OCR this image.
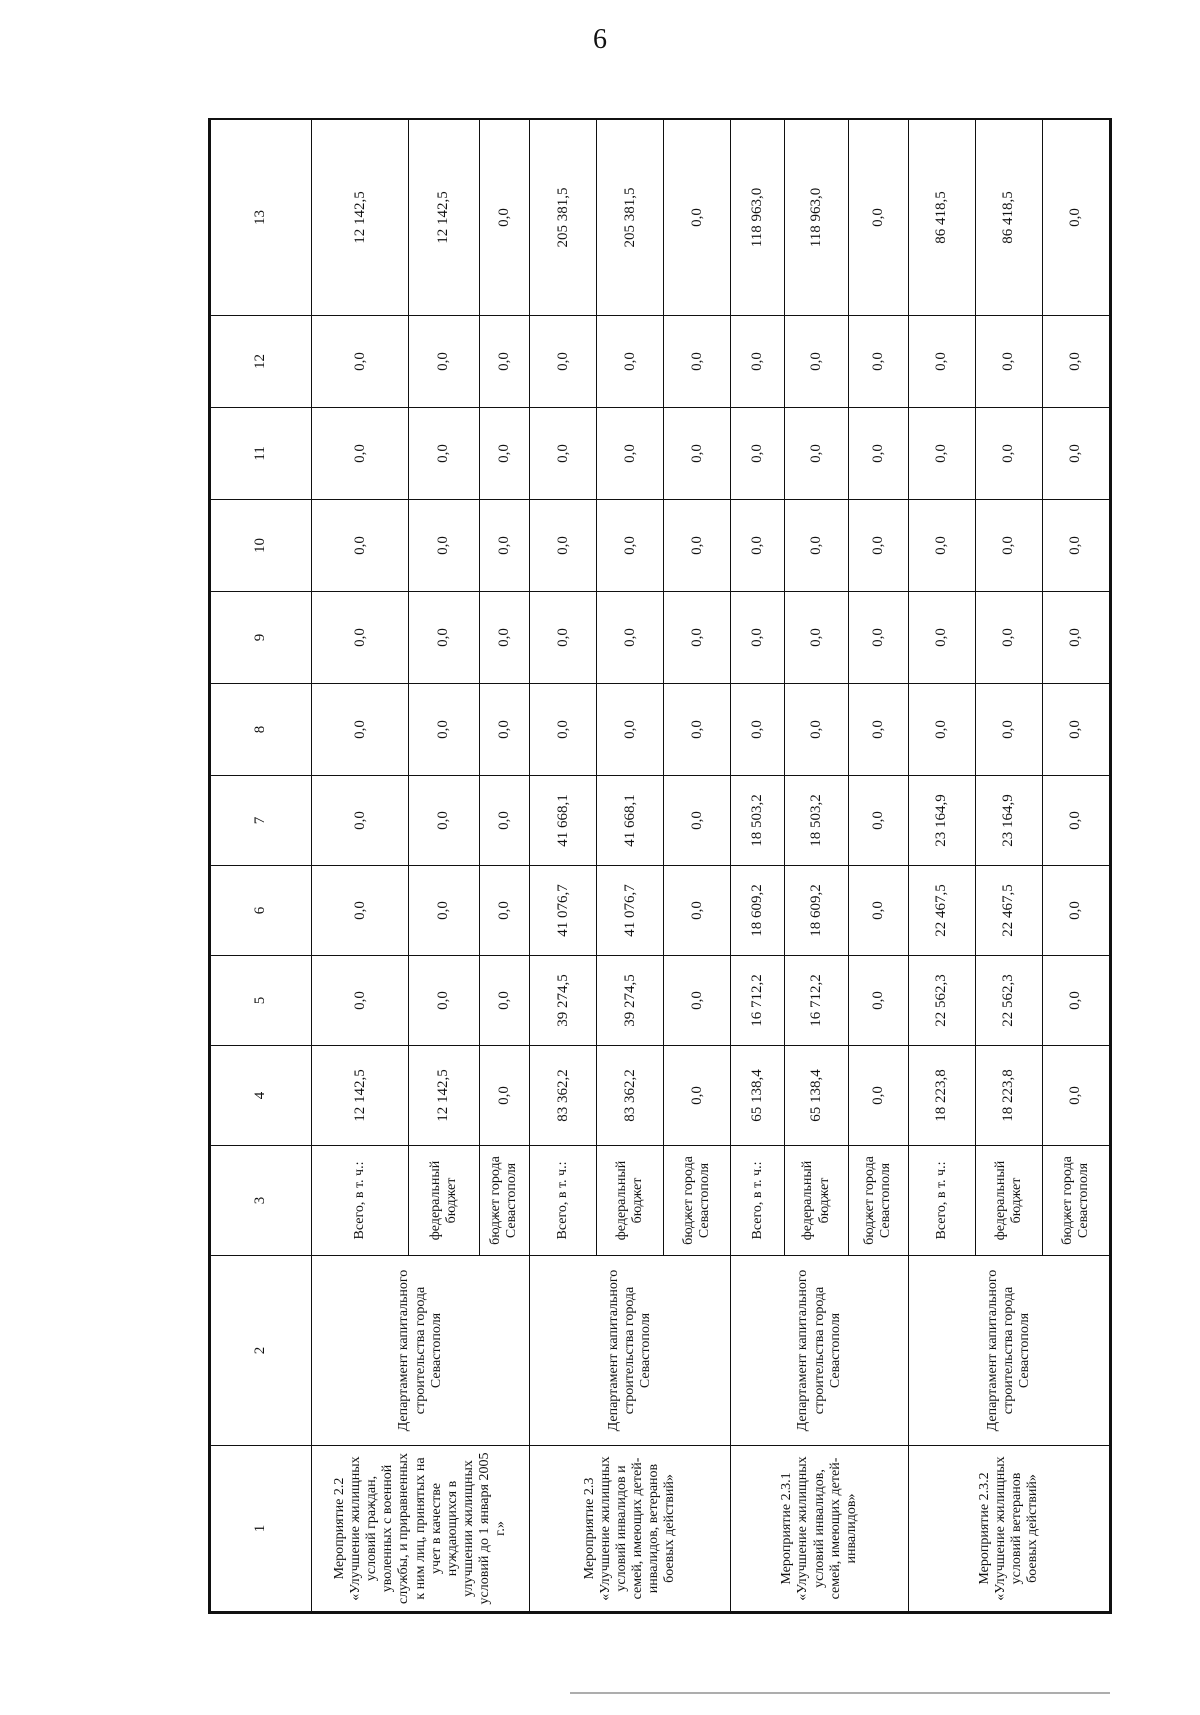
6
1	2	3	4	5	6	7	8	9	10	11	12	13
Мероприятие 2.2 «Улучшение жилищных условий граждан, уволенных с военной службы, и приравненных к ним лиц, принятых на учет в качестве нуждающихся в улучшении жилищных условий до 1 января 2005 г.»	Департамент капитального строительства города Севастополя	Всего, в т. ч.:	12 142,5	0,0	0,0	0,0	0,0	0,0	0,0	0,0	0,0	12 142,5
		федеральный бюджет	12 142,5	0,0	0,0	0,0	0,0	0,0	0,0	0,0	0,0	12 142,5
		бюджет города Севастополя	0,0	0,0	0,0	0,0	0,0	0,0	0,0	0,0	0,0	0,0
Мероприятие 2.3 «Улучшение жилищных условий инвалидов и семей, имеющих детей-инвалидов, ветеранов боевых действий»	Департамент капитального строительства города Севастополя	Всего, в т. ч.:	83 362,2	39 274,5	41 076,7	41 668,1	0,0	0,0	0,0	0,0	0,0	205 381,5
		федеральный бюджет	83 362,2	39 274,5	41 076,7	41 668,1	0,0	0,0	0,0	0,0	0,0	205 381,5
		бюджет города Севастополя	0,0	0,0	0,0	0,0	0,0	0,0	0,0	0,0	0,0	0,0
Мероприятие 2.3.1 «Улучшение жилищных условий инвалидов, семей, имеющих детей-инвалидов»	Департамент капитального строительства города Севастополя	Всего, в т. ч.:	65 138,4	16 712,2	18 609,2	18 503,2	0,0	0,0	0,0	0,0	0,0	118 963,0
		федеральный бюджет	65 138,4	16 712,2	18 609,2	18 503,2	0,0	0,0	0,0	0,0	0,0	118 963,0
		бюджет города Севастополя	0,0	0,0	0,0	0,0	0,0	0,0	0,0	0,0	0,0	0,0
Мероприятие 2.3.2 «Улучшение жилищных условий ветеранов боевых действий»	Департамент капитального строительства города Севастополя	Всего, в т. ч.:	18 223,8	22 562,3	22 467,5	23 164,9	0,0	0,0	0,0	0,0	0,0	86 418,5
		федеральный бюджет	18 223,8	22 562,3	22 467,5	23 164,9	0,0	0,0	0,0	0,0	0,0	86 418,5
		бюджет города Севастополя	0,0	0,0	0,0	0,0	0,0	0,0	0,0	0,0	0,0	0,0
